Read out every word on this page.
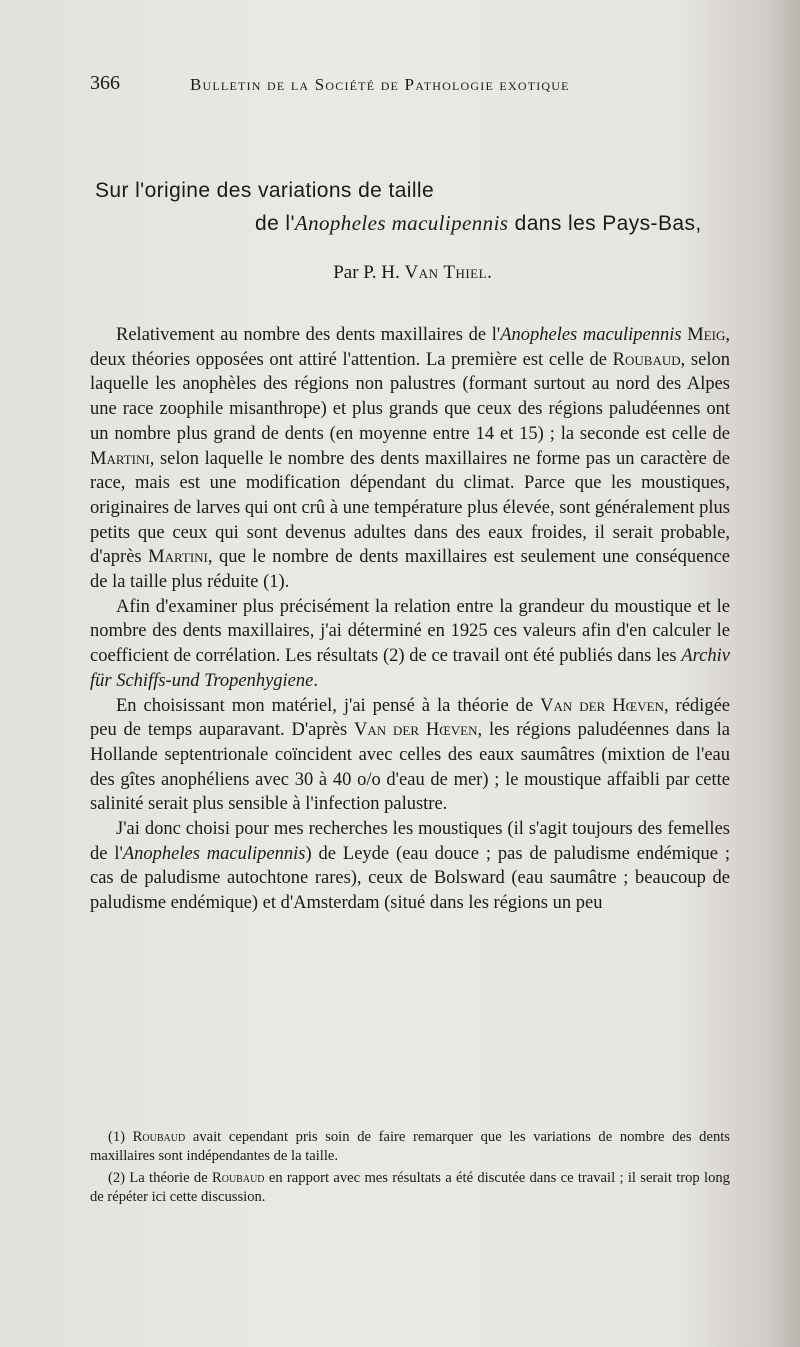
366	Bulletin de la Société de Pathologie exotique
Sur l'origine des variations de taille
de l'Anopheles maculipennis dans les Pays-Bas,
Par P. H. Van Thiel.

Relativement au nombre des dents maxillaires de l'Anopheles maculipennis Meig, deux théories opposées ont attiré l'attention. La première est celle de Roubaud, selon laquelle les anophèles des régions non palustres (formant surtout au nord des Alpes une race zoophile misanthrope) et plus grands que ceux des régions paludéennes ont un nombre plus grand de dents (en moyenne entre 14 et 15) ; la seconde est celle de Martini, selon laquelle le nombre des dents maxillaires ne forme pas un caractère de race, mais est une modification dépendant du climat. Parce que les moustiques, originaires de larves qui ont crû à une température plus élevée, sont généralement plus petits que ceux qui sont devenus adultes dans des eaux froides, il serait probable, d'après Martini, que le nombre de dents maxillaires est seulement une conséquence de la taille plus réduite (1).

Afin d'examiner plus précisément la relation entre la grandeur du moustique et le nombre des dents maxillaires, j'ai déterminé en 1925 ces valeurs afin d'en calculer le coefficient de corrélation. Les résultats (2) de ce travail ont été publiés dans les Archiv für Schiffs-und Tropenhygiene.

En choisissant mon matériel, j'ai pensé à la théorie de Van der Hœven, rédigée peu de temps auparavant. D'après Van der Hœven, les régions paludéennes dans la Hollande septentrionale coïncident avec celles des eaux saumâtres (mixtion de l'eau des gîtes anophéliens avec 30 à 40 o/o d'eau de mer) ; le moustique affaibli par cette salinité serait plus sensible à l'infection palustre.

J'ai donc choisi pour mes recherches les moustiques (il s'agit toujours des femelles de l'Anopheles maculipennis) de Leyde (eau douce ; pas de paludisme endémique ; cas de paludisme autochtone rares), ceux de Bolsward (eau saumâtre ; beaucoup de paludisme endémique) et d'Amsterdam (situé dans les régions un peu

(1) Roubaud avait cependant pris soin de faire remarquer que les variations de nombre des dents maxillaires sont indépendantes de la taille.

(2) La théorie de Roubaud en rapport avec mes résultats a été discutée dans ce travail ; il serait trop long de répéter ici cette discussion.
